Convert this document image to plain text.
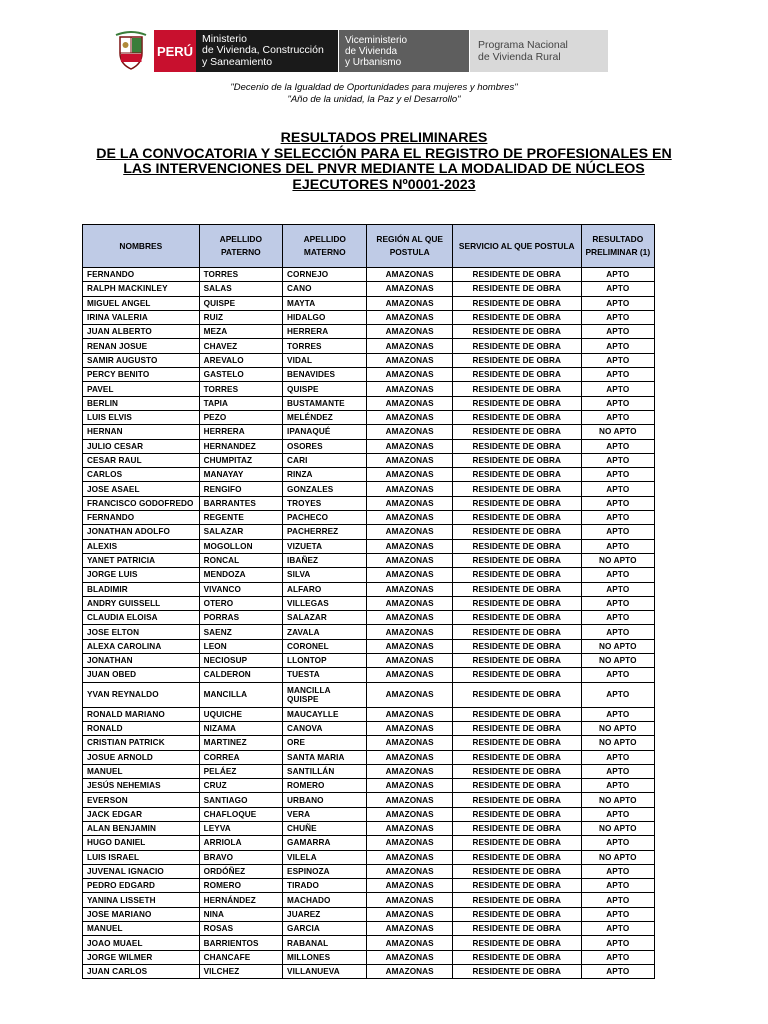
PERÚ
Ministerio
de Vivienda, Construcción
y Saneamiento
Viceministerio
de Vivienda
y Urbanismo
Programa Nacional
de Vivienda Rural
"Decenio de la Igualdad de Oportunidades para mujeres y hombres"
"Año de la unidad, la Paz y el Desarrollo"
RESULTADOS PRELIMINARES
DE LA CONVOCATORIA Y SELECCIÓN PARA EL REGISTRO DE PROFESIONALES EN
LAS INTERVENCIONES DEL PNVR MEDIANTE LA MODALIDAD DE NÚCLEOS
EJECUTORES Nº0001-2023
NOMBRES	APELLIDO PATERNO	APELLIDO MATERNO	REGIÓN AL QUE POSTULA	SERVICIO AL QUE POSTULA	RESULTADO PRELIMINAR (1)
FERNANDO	TORRES	CORNEJO	AMAZONAS	RESIDENTE DE OBRA	APTO
RALPH MACKINLEY	SALAS	CANO	AMAZONAS	RESIDENTE DE OBRA	APTO
MIGUEL ANGEL	QUISPE	MAYTA	AMAZONAS	RESIDENTE DE OBRA	APTO
IRINA VALERIA	RUIZ	HIDALGO	AMAZONAS	RESIDENTE DE OBRA	APTO
JUAN ALBERTO	MEZA	HERRERA	AMAZONAS	RESIDENTE DE OBRA	APTO
RENAN JOSUE	CHAVEZ	TORRES	AMAZONAS	RESIDENTE DE OBRA	APTO
SAMIR AUGUSTO	AREVALO	VIDAL	AMAZONAS	RESIDENTE DE OBRA	APTO
PERCY BENITO	GASTELO	BENAVIDES	AMAZONAS	RESIDENTE DE OBRA	APTO
PAVEL	TORRES	QUISPE	AMAZONAS	RESIDENTE DE OBRA	APTO
BERLIN	TAPIA	BUSTAMANTE	AMAZONAS	RESIDENTE DE OBRA	APTO
LUIS ELVIS	PEZO	MELÉNDEZ	AMAZONAS	RESIDENTE DE OBRA	APTO
HERNAN	HERRERA	IPANAQUÉ	AMAZONAS	RESIDENTE DE OBRA	NO APTO
JULIO CESAR	HERNANDEZ	OSORES	AMAZONAS	RESIDENTE DE OBRA	APTO
CESAR RAUL	CHUMPITAZ	CARI	AMAZONAS	RESIDENTE DE OBRA	APTO
CARLOS	MANAYAY	RINZA	AMAZONAS	RESIDENTE DE OBRA	APTO
JOSE ASAEL	RENGIFO	GONZALES	AMAZONAS	RESIDENTE DE OBRA	APTO
FRANCISCO GODOFREDO	BARRANTES	TROYES	AMAZONAS	RESIDENTE DE OBRA	APTO
FERNANDO	REGENTE	PACHECO	AMAZONAS	RESIDENTE DE OBRA	APTO
JONATHAN ADOLFO	SALAZAR	PACHERREZ	AMAZONAS	RESIDENTE DE OBRA	APTO
ALEXIS	MOGOLLON	VIZUETA	AMAZONAS	RESIDENTE DE OBRA	APTO
YANET PATRICIA	RONCAL	IBAÑEZ	AMAZONAS	RESIDENTE DE OBRA	NO APTO
JORGE LUIS	MENDOZA	SILVA	AMAZONAS	RESIDENTE DE OBRA	APTO
BLADIMIR	VIVANCO	ALFARO	AMAZONAS	RESIDENTE DE OBRA	APTO
ANDRY GUISSELL	OTERO	VILLEGAS	AMAZONAS	RESIDENTE DE OBRA	APTO
CLAUDIA ELOISA	PORRAS	SALAZAR	AMAZONAS	RESIDENTE DE OBRA	APTO
JOSE ELTON	SAENZ	ZAVALA	AMAZONAS	RESIDENTE DE OBRA	APTO
ALEXA CAROLINA	LEON	CORONEL	AMAZONAS	RESIDENTE DE OBRA	NO APTO
JONATHAN	NECIOSUP	LLONTOP	AMAZONAS	RESIDENTE DE OBRA	NO APTO
JUAN OBED	CALDERON	TUESTA	AMAZONAS	RESIDENTE DE OBRA	APTO
YVAN REYNALDO	MANCILLA	MANCILLA QUISPE	AMAZONAS	RESIDENTE DE OBRA	APTO
RONALD MARIANO	UQUICHE	MAUCAYLLE	AMAZONAS	RESIDENTE DE OBRA	APTO
RONALD	NIZAMA	CANOVA	AMAZONAS	RESIDENTE DE OBRA	NO APTO
CRISTIAN PATRICK	MARTINEZ	ORE	AMAZONAS	RESIDENTE DE OBRA	NO APTO
JOSUE ARNOLD	CORREA	SANTA MARIA	AMAZONAS	RESIDENTE DE OBRA	APTO
MANUEL	PELÁEZ	SANTILLÁN	AMAZONAS	RESIDENTE DE OBRA	APTO
JESÚS NEHEMIAS	CRUZ	ROMERO	AMAZONAS	RESIDENTE DE OBRA	APTO
EVERSON	SANTIAGO	URBANO	AMAZONAS	RESIDENTE DE OBRA	NO APTO
JACK EDGAR	CHAFLOQUE	VERA	AMAZONAS	RESIDENTE DE OBRA	APTO
ALAN BENJAMIN	LEYVA	CHUÑE	AMAZONAS	RESIDENTE DE OBRA	NO APTO
HUGO DANIEL	ARRIOLA	GAMARRA	AMAZONAS	RESIDENTE DE OBRA	APTO
LUIS ISRAEL	BRAVO	VILELA	AMAZONAS	RESIDENTE DE OBRA	NO APTO
JUVENAL IGNACIO	ORDÓÑEZ	ESPINOZA	AMAZONAS	RESIDENTE DE OBRA	APTO
PEDRO EDGARD	ROMERO	TIRADO	AMAZONAS	RESIDENTE DE OBRA	APTO
YANINA LISSETH	HERNÁNDEZ	MACHADO	AMAZONAS	RESIDENTE DE OBRA	APTO
JOSE MARIANO	NINA	JUAREZ	AMAZONAS	RESIDENTE DE OBRA	APTO
MANUEL	ROSAS	GARCIA	AMAZONAS	RESIDENTE DE OBRA	APTO
JOAO MUAEL	BARRIENTOS	RABANAL	AMAZONAS	RESIDENTE DE OBRA	APTO
JORGE WILMER	CHANCAFE	MILLONES	AMAZONAS	RESIDENTE DE OBRA	APTO
JUAN CARLOS	VILCHEZ	VILLANUEVA	AMAZONAS	RESIDENTE DE OBRA	APTO
